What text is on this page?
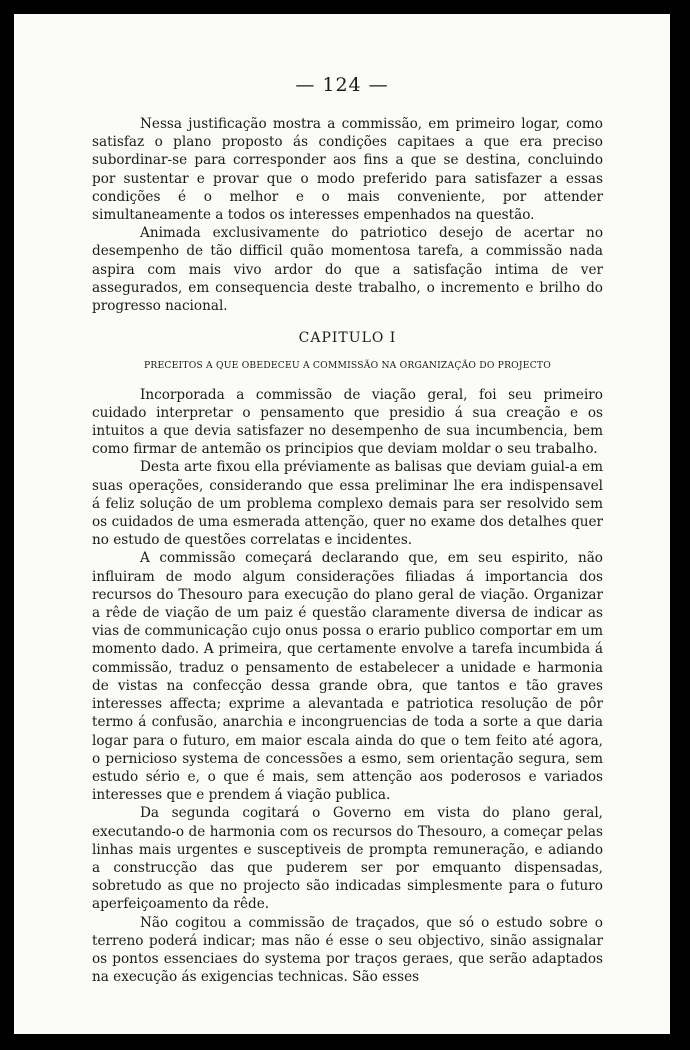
— 124 —

Nessa justificação mostra a commissão, em primeiro logar, como satisfaz o plano proposto ás condições capitaes a que era preciso subordinar-se para corresponder aos fins a que se destina, concluindo por sustentar e provar que o modo preferido para satisfazer a essas condições é o melhor e o mais conveniente, por attender simultaneamente a todos os interesses empenhados na questão.

Animada exclusivamente do patriotico desejo de acertar no desempenho de tão difficil quão momentosa tarefa, a commissão nada aspira com mais vivo ardor do que a satisfação intima de ver assegurados, em consequencia deste trabalho, o incremento e brilho do progresso nacional.

CAPITULO I
PRECEITOS A QUE OBEDECEU A COMMISSÃO NA ORGANIZAÇÃO DO PROJECTO

Incorporada a commissão de viação geral, foi seu primeiro cuidado interpretar o pensamento que presidio á sua creação e os intuitos a que devia satisfazer no desempenho de sua incumbencia, bem como firmar de antemão os principios que deviam moldar o seu trabalho.

Desta arte fixou ella préviamente as balisas que deviam guial-a em suas operações, considerando que essa preliminar lhe era indispensavel á feliz solução de um problema complexo demais para ser resolvido sem os cuidados de uma esmerada attenção, quer no exame dos detalhes quer no estudo de questões correlatas e incidentes.

A commissão começará declarando que, em seu espirito, não influiram de modo algum considerações filiadas á importancia dos recursos do Thesouro para execução do plano geral de viação. Organizar a rêde de viação de um paiz é questão claramente diversa de indicar as vias de communicação cujo onus possa o erario publico comportar em um momento dado. A primeira, que certamente envolve a tarefa incumbida á commissão, traduz o pensamento de estabelecer a unidade e harmonia de vistas na confecção dessa grande obra, que tantos e tão graves interesses affecta; exprime a alevantada e patriotica resolução de pôr termo á confusão, anarchia e incongruencias de toda a sorte a que daria logar para o futuro, em maior escala ainda do que o tem feito até agora, o pernicioso systema de concessões a esmo, sem orientação segura, sem estudo sério e, o que é mais, sem attenção aos poderosos e variados interesses que e prendem á viação publica.

Da segunda cogitará o Governo em vista do plano geral, executando-o de harmonia com os recursos do Thesouro, a começar pelas linhas mais urgentes e susceptiveis de prompta remuneração, e adiando a construcção das que puderem ser por emquanto dispensadas, sobretudo as que no projecto são indicadas simplesmente para o futuro aperfeiçoamento da rêde.

Não cogitou a commissão de traçados, que só o estudo sobre o terreno poderá indicar; mas não é esse o seu objectivo, sinão assignalar os pontos essenciaes do systema por traços geraes, que serão adaptados na execução ás exigencias technicas. São esses
